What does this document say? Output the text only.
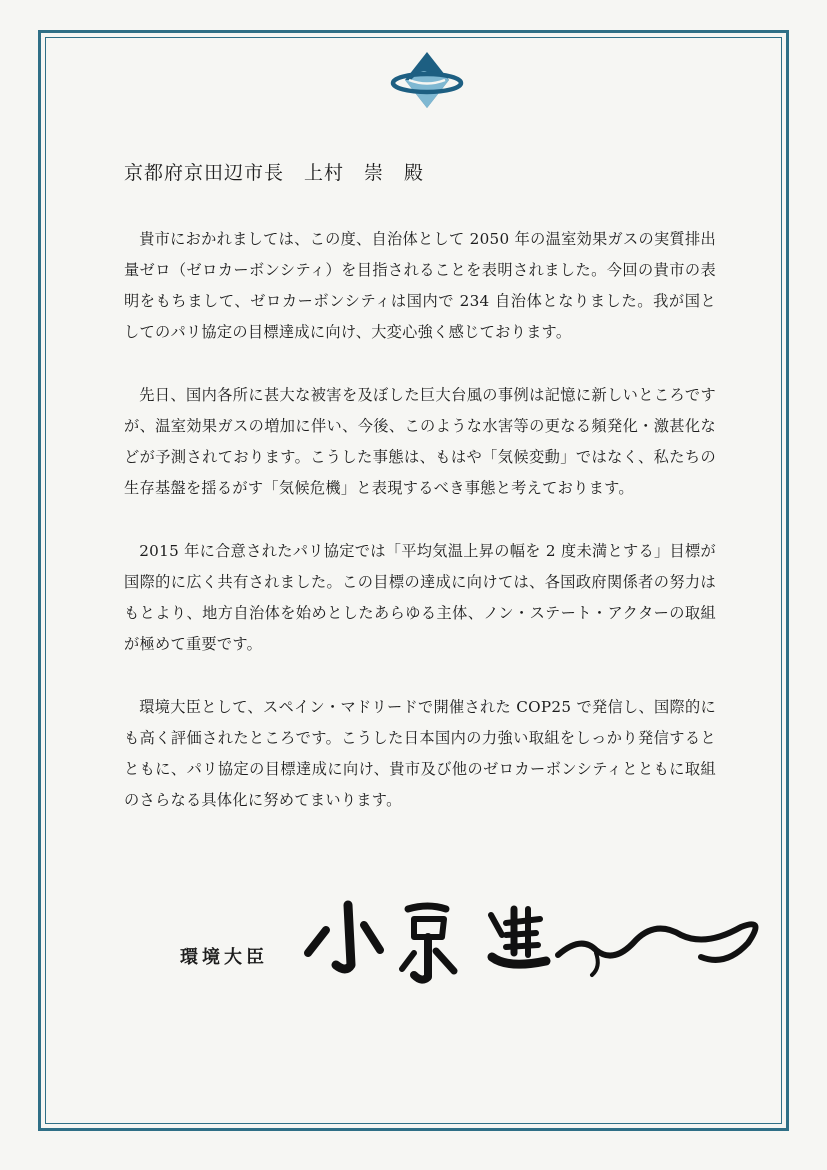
京都府京田辺市長　上村　崇　殿

貴市におかれましては、この度、自治体として 2050 年の温室効果ガスの実質排出量ゼロ（ゼロカーボンシティ）を目指されることを表明されました。今回の貴市の表明をもちまして、ゼロカーボンシティは国内で 234 自治体となりました。我が国としてのパリ協定の目標達成に向け、大変心強く感じております。

先日、国内各所に甚大な被害を及ぼした巨大台風の事例は記憶に新しいところですが、温室効果ガスの増加に伴い、今後、このような水害等の更なる頻発化・激甚化などが予測されております。こうした事態は、もはや「気候変動」ではなく、私たちの生存基盤を揺るがす「気候危機」と表現するべき事態と考えております。

2015 年に合意されたパリ協定では「平均気温上昇の幅を 2 度未満とする」目標が国際的に広く共有されました。この目標の達成に向けては、各国政府関係者の努力はもとより、地方自治体を始めとしたあらゆる主体、ノン・ステート・アクターの取組が極めて重要です。

環境大臣として、スペイン・マドリードで開催された COP25 で発信し、国際的にも高く評価されたところです。こうした日本国内の力強い取組をしっかり発信するとともに、パリ協定の目標達成に向け、貴市及び他のゼロカーボンシティとともに取組のさらなる具体化に努めてまいります。

環境大臣
